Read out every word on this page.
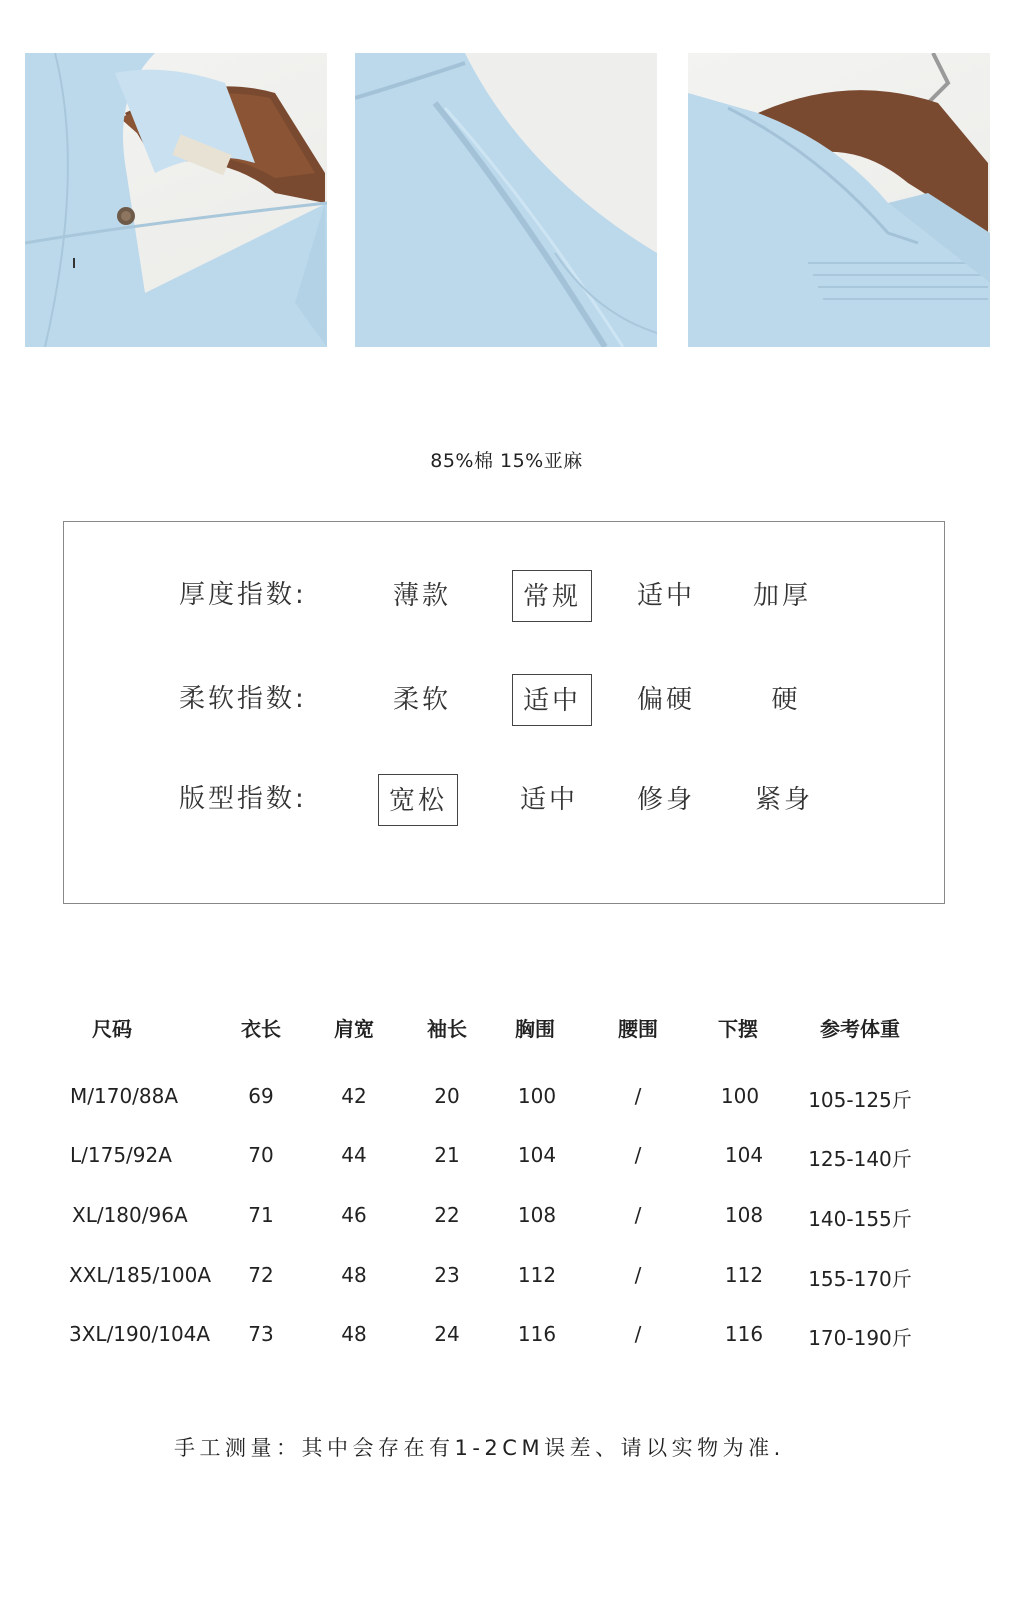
85%棉 15%亚麻
厚度指数:	薄款	常规	适中	加厚
柔软指数:	柔软	适中	偏硬	硬
版型指数:	宽松	适中	修身	紧身
尺码	衣长	肩宽	袖长 胸围	腰围	下摆	参考体重
M/170/88A	69	42	20	100	/	100 105-125斤
L/175/92A	70	44	21	104	/	104 125-140斤
XL/180/96A	71	46	22	108	/	108 140-155斤
XXL/185/100A 72	48	23	112	/	112 155-170斤
3XL/190/104A 73	48	24	116	/	116 170-190斤
手工测量：其中会存在有1-2CM误差、请以实物为准.
